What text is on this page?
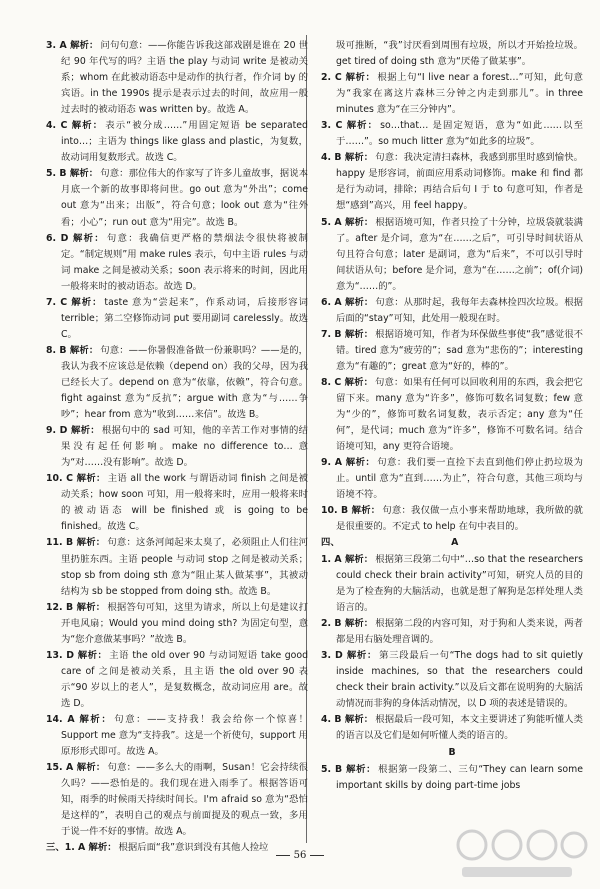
3. A 解析： 问句句意：——你能告诉我这部戏剧是谁在 20 世纪 90 年代写的吗？主语 the play 与动词 write 是被动关系；whom 在此被动语态中是动作的执行者，作介词 by 的宾语。in the 1990s 提示是表示过去的时间，故应用一般过去时的被动语态 was written by。故选 A。

4. C 解析： 表示“被分成……”用固定短语 be separated into…；主语为 things like glass and plastic，为复数，故动词用复数形式。故选 C。

5. B 解析： 句意：那位伟大的作家写了许多儿童故事，据说本月底一个新的故事即将问世。go out 意为“外出”；come out 意为“出来；出版”，符合句意；look out 意为“往外看；小心”；run out 意为“用完”。故选 B。

6. D 解析： 句意：我确信更严格的禁烟法令很快将被制定。“制定规则”用 make rules 表示，句中主语 rules 与动词 make 之间是被动关系；soon 表示将来的时间，因此用一般将来时的被动语态。故选 D。

7. C 解析： taste 意为“尝起来”，作系动词，后接形容词 terrible；第二空修饰动词 put 要用副词 carelessly。故选 C。

8. B 解析： 句意：——你暑假准备做一份兼职吗？——是的，我认为我不应该总是依赖（depend on）我的父母，因为我已经长大了。depend on 意为“依靠，依赖”，符合句意。fight against 意为“反抗”；argue with 意为“与……争吵”；hear from 意为“收到……来信”。故选 B。

9. D 解析： 根据句中的 sad 可知，他的辛苦工作对事情的结果没有起任何影响。make no difference to… 意为“对……没有影响”。故选 D。

10. C 解析： 主语 all the work 与谓语动词 finish 之间是被动关系；how soon 可知，用一般将来时，应用一般将来时的被动语态 will be finished 或 is going to be finished。故选 C。

11. B 解析： 句意：这条河闻起来太臭了，必须阻止人们往河里扔脏东西。主语 people 与动词 stop 之间是被动关系；stop sb from doing sth 意为“阻止某人做某事”，其被动结构为 sb be stopped from doing sth。故选 B。

12. B 解析： 根据答句可知，这里为请求，所以上句是建议打开电风扇；Would you mind doing sth? 为固定句型，意为“您介意做某事吗？”故选 B。

13. D 解析： 主语 the old over 90 与动词短语 take good care of 之间是被动关系，且主语 the old over 90 表示“90 岁以上的老人”，是复数概念，故动词应用 are。故选 D。

14. A 解析： 句意：——支持我！我会给你一个惊喜！Support me 意为“支持我”。这是一个祈使句，support 用原形形式即可。故选 A。

15. A 解析： 句意：——多么大的雨啊，Susan！它会持续很久吗？——恐怕是的。我们现在进入雨季了。根据答语可知，雨季的时候雨天持续时间长。I'm afraid so 意为“恐怕是这样的”，表明自己的观点与前面提及的观点一致，多用于说一件不好的事情。故选 A。

三、1. A 解析： 根据后面“我”意识到没有其他人捡垃

圾可推断，“我”讨厌看到周围有垃圾，所以才开始捡垃圾。get tired of doing sth 意为“厌倦了做某事”。

2. C 解析： 根据上句“I live near a forest…”可知，此句意为“我家在离这片森林三分钟之内走到那儿”。in three minutes 意为“在三分钟内”。

3. C 解析： so…that… 是固定短语，意为“如此……以至于……”。so much litter 意为“如此多的垃圾”。

4. B 解析： 句意：我决定清扫森林，我感到那里时感到愉快。happy 是形容词，前面应用系动词修饰。make 和 find 都是行为动词，排除；再结合后句 I 于 to 句意可知，作者是想“感到”高兴，用 feel happy。

5. A 解析： 根据语境可知，作者只捡了十分钟，垃圾袋就装满了。after 是介词，意为“在……之后”，可引导时间状语从句且符合句意；later 是副词，意为“后来”，不可以引导时间状语从句；before 是介词，意为“在……之前”；of(介词)意为“……的”。

6. A 解析： 句意：从那时起，我每年去森林捡四次垃圾。根据后面的“stay”可知，此处用一般现在时。

7. B 解析： 根据语境可知，作者为环保做些事使“我”感觉很不错。tired 意为“疲劳的”；sad 意为“悲伤的”；interesting 意为“有趣的”；great 意为“好的，棒的”。

8. C 解析： 句意：如果有任何可以回收利用的东西，我会把它留下来。many 意为“许多”，修饰可数名词复数；few 意为“少的”，修饰可数名词复数，表示否定；any 意为“任何”，是代词；much 意为“许多”，修饰不可数名词。结合语境可知，any 更符合语境。

9. A 解析： 句意：我们要一直捡下去直到他们停止扔垃圾为止。until 意为“直到……为止”，符合句意，其他三项均与语境不符。

10. B 解析： 句意：我仅做一点小事来帮助地球，我所做的就是很重要的。不定式 to help 在句中表目的。

四、	A

1. A 解析： 根据第三段第二句中“…so that the researchers could check their brain activity”可知，研究人员的目的是为了检查狗的大脑活动，也就是想了解狗是怎样处理人类语言的。

2. B 解析： 根据第二段的内容可知，对于狗和人类来说，两者都是用右脑处理音调的。

3. D 解析： 第三段最后一句“The dogs had to sit quietly inside machines, so that the researchers could check their brain activity.”以及后文都在说明狗的大脑活动情况而非狗的身体活动情况，以 D 项的表述是错误的。

4. B 解析： 根据最后一段可知，本文主要讲述了狗能听懂人类的语言以及它们是如何听懂人类的语言的。

B

5. B 解析： 根据第一段第二、三句“They can learn some important skills by doing part-time jobs

56
